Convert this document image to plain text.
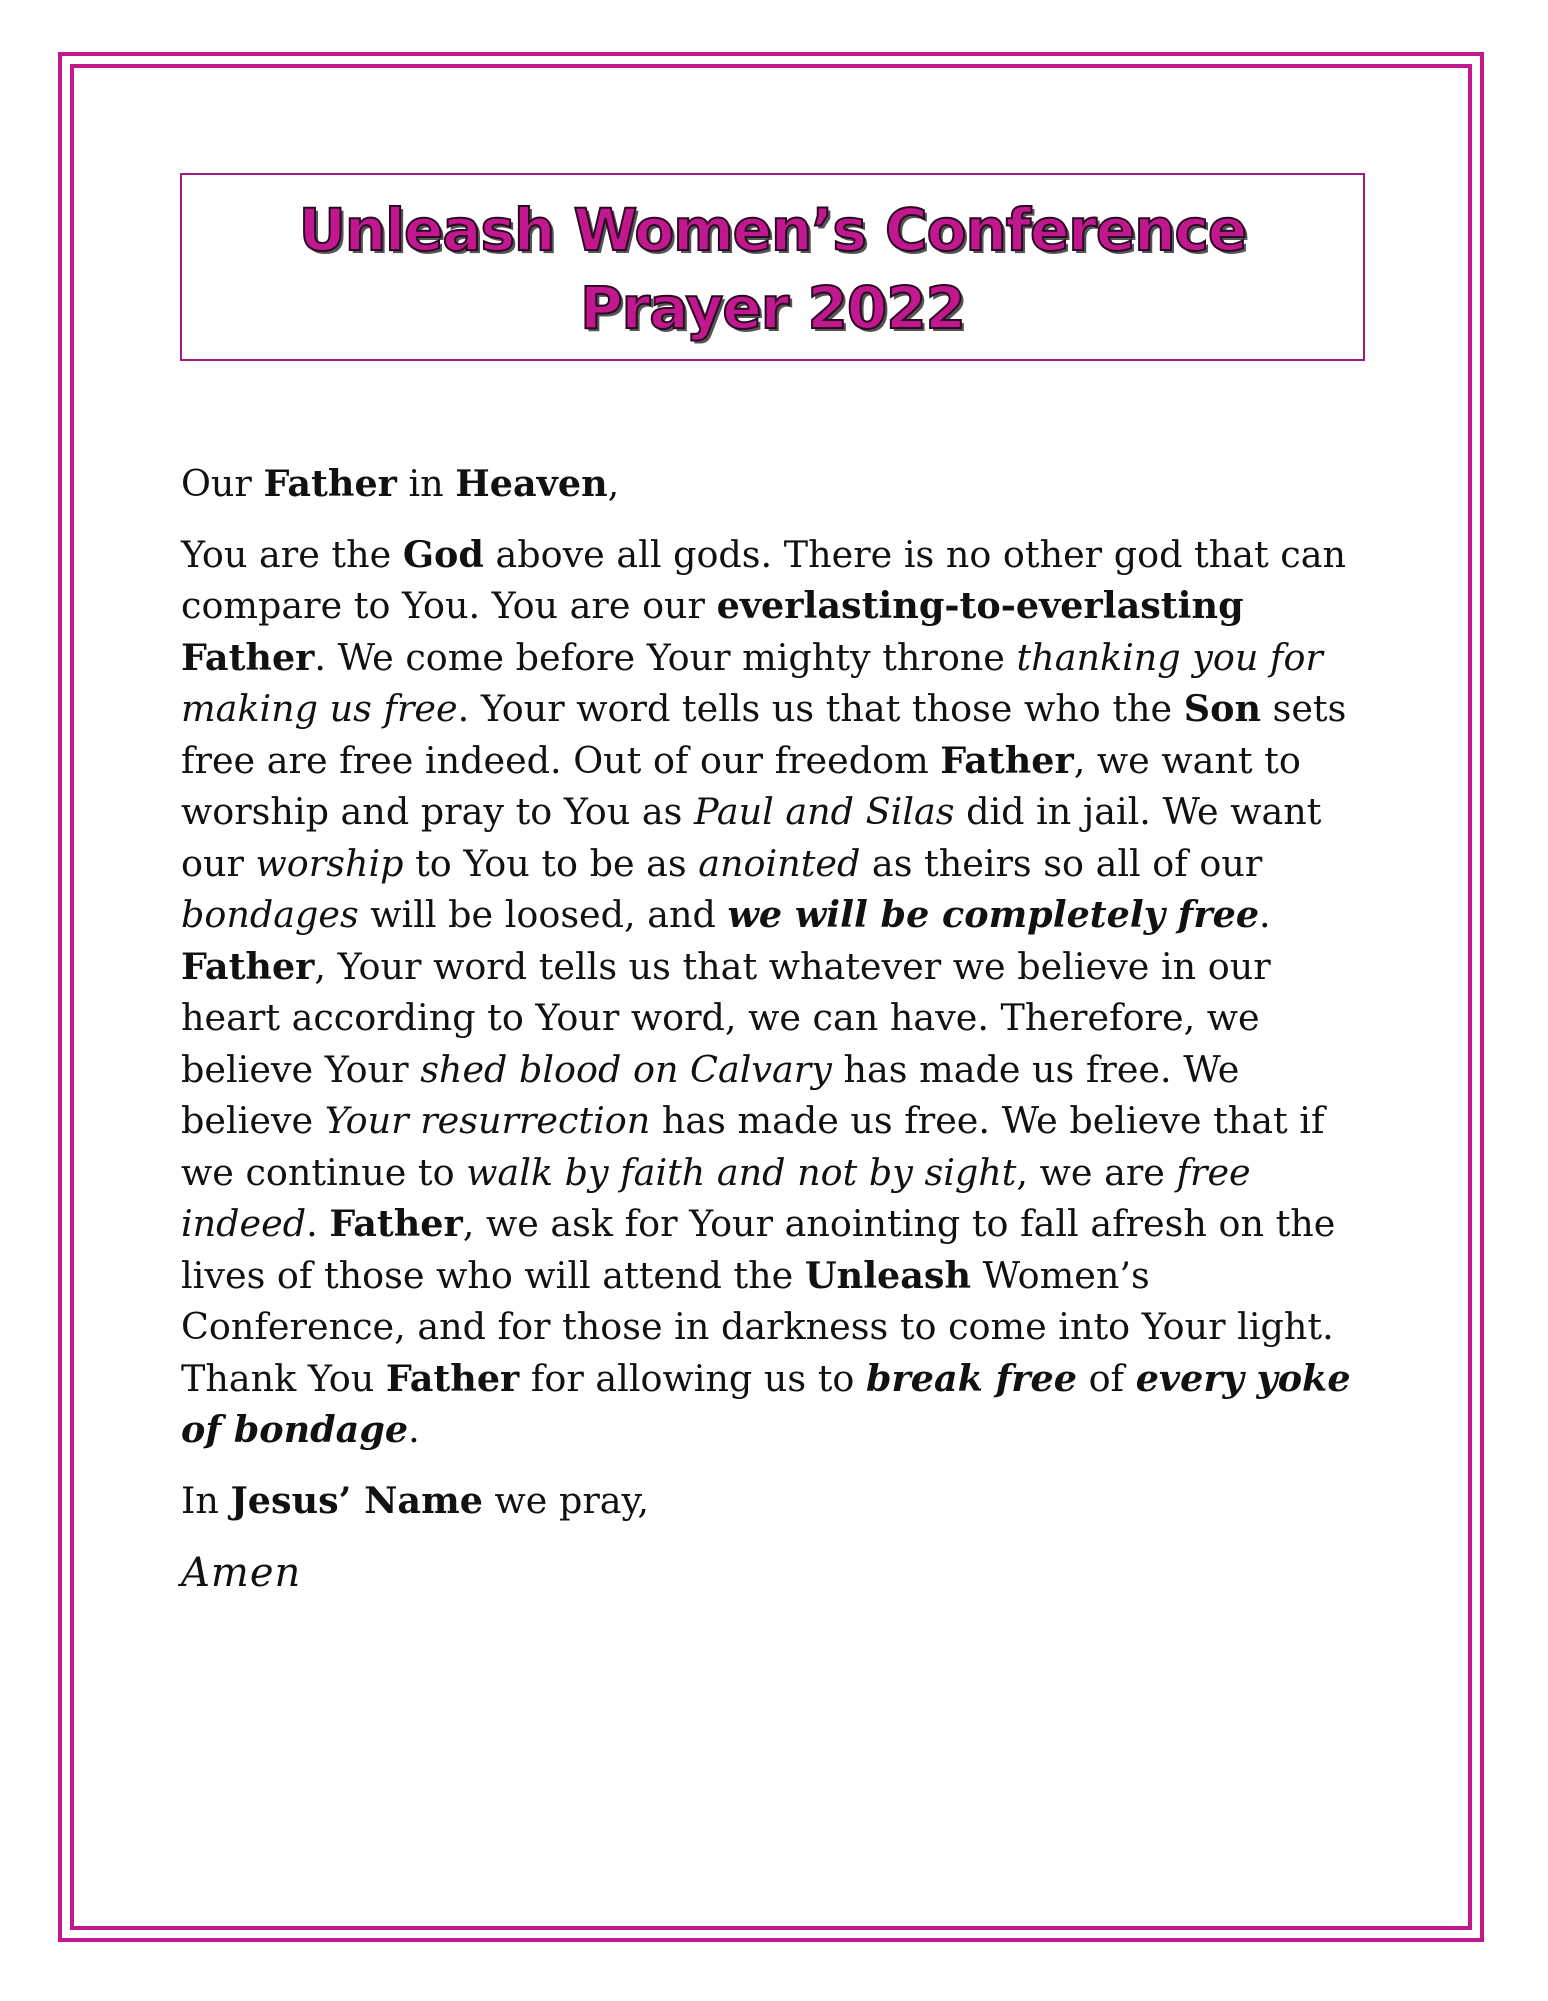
Unleash Women’s Conference
Prayer 2022

Our Father in Heaven,

You are the God above all gods. There is no other god that can compare to You. You are our everlasting-to-everlasting Father. We come before Your mighty throne thanking you for making us free. Your word tells us that those who the Son sets free are free indeed. Out of our freedom Father, we want to worship and pray to You as Paul and Silas did in jail. We want our worship to You to be as anointed as theirs so all of our bondages will be loosed, and we will be completely free. Father, Your word tells us that whatever we believe in our heart according to Your word, we can have. Therefore, we believe Your shed blood on Calvary has made us free. We believe Your resurrection has made us free. We believe that if we continue to walk by faith and not by sight, we are free indeed. Father, we ask for Your anointing to fall afresh on the lives of those who will attend the Unleash Women’s Conference, and for those in darkness to come into Your light. Thank You Father for allowing us to break free of every yoke of bondage.

In Jesus’ Name we pray,

Amen
